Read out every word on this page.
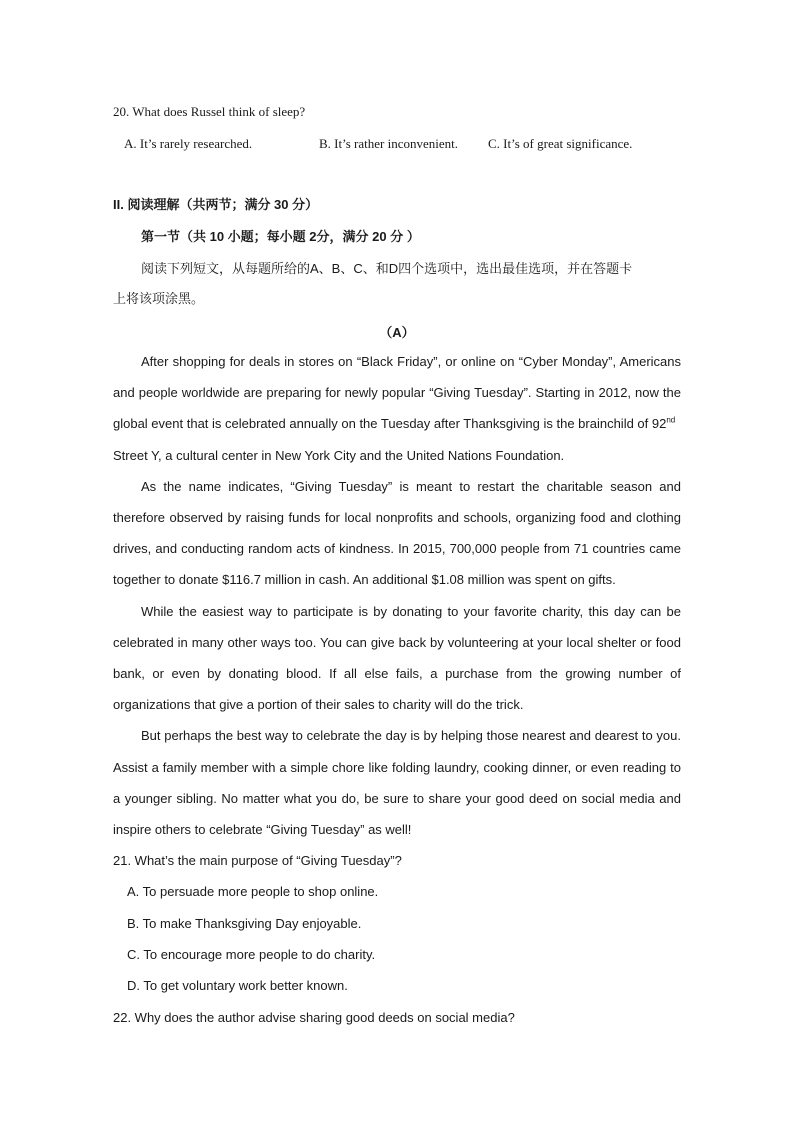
20. What does Russel think of sleep?
A. It’s rarely researched.	B. It’s rather inconvenient. C. It’s of great significance.
II. 阅读理解（共两节；满分 30 分）
第一节（共 10 小题；每小题 2分，满分 20 分 ）
阅读下列短文，从每题所给的A、B、C、和D四个选项中，选出最佳选项，并在答题卡
上将该项涂黑。
（A）
After shopping for deals in stores on “Black Friday”, or online on “Cyber Monday”, Americans
and people worldwide are preparing for newly popular “Giving Tuesday”. Starting in 2012, now the
global event that is celebrated annually on the Tuesday after Thanksgiving is the brainchild of 92nd
Street Y, a cultural center in New York City and the United Nations Foundation.
As the name indicates, “Giving Tuesday” is meant to restart the charitable season and
therefore observed by raising funds for local nonprofits and schools, organizing food and clothing
drives, and conducting random acts of kindness. In 2015, 700,000 people from 71 countries came
together to donate $116.7 million in cash. An additional $1.08 million was spent on gifts.
While the easiest way to participate is by donating to your favorite charity, this day can be
celebrated in many other ways too. You can give back by volunteering at your local shelter or food
bank, or even by donating blood. If all else fails, a purchase from the growing number of
organizations that give a portion of their sales to charity will do the trick.
But perhaps the best way to celebrate the day is by helping those nearest and dearest to you.
Assist a family member with a simple chore like folding laundry, cooking dinner, or even reading to
a younger sibling. No matter what you do, be sure to share your good deed on social media and
inspire others to celebrate “Giving Tuesday” as well!
21. What’s the main purpose of “Giving Tuesday”?
A. To persuade more people to shop online.
B. To make Thanksgiving Day enjoyable.
C. To encourage more people to do charity.
D. To get voluntary work better known.
22. Why does the author advise sharing good deeds on social media?
